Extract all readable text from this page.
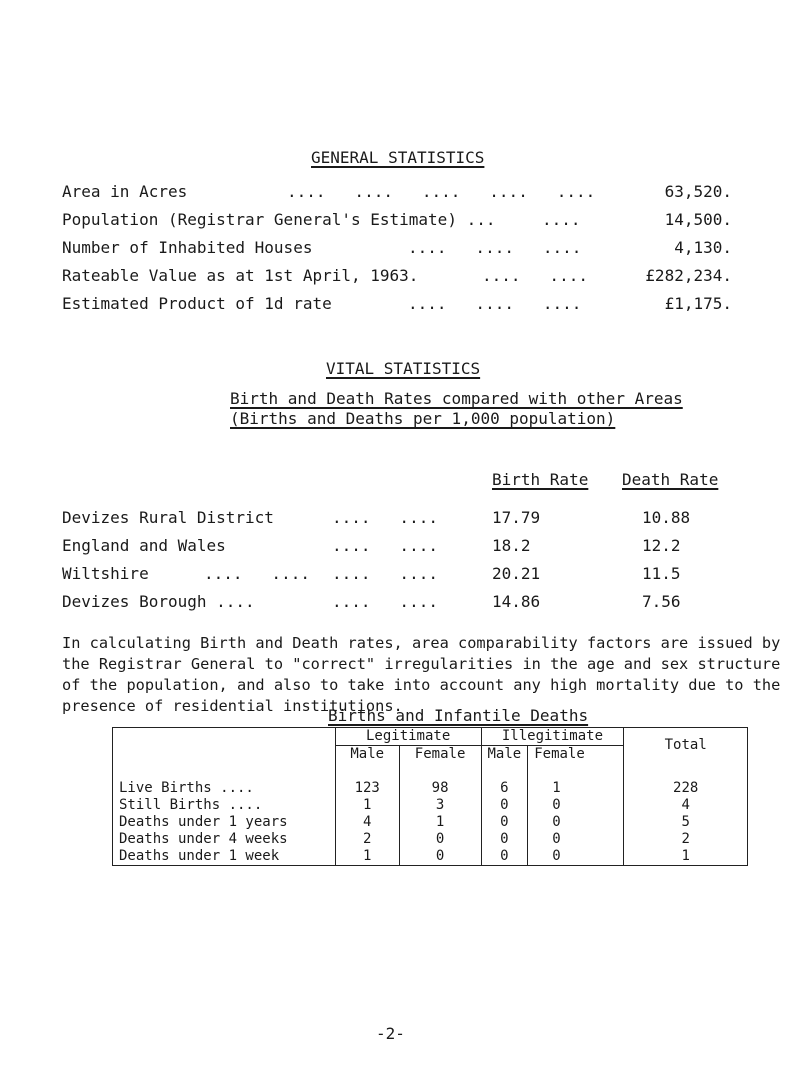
GENERAL STATISTICS
Area in Acres	....   ....   ....   ....   ....	63,520.
Population (Registrar General's Estimate) ...	....	14,500.
Number of Inhabited Houses	....   ....   ....	4,130.
Rateable Value as at 1st April, 1963.	....   ....	£282,234.
Estimated Product of 1d rate	....   ....   ....	£1,175.
VITAL STATISTICS
Birth and Death Rates compared with other Areas
(Births and Deaths per 1,000 population)
Birth Rate Death Rate
Devizes Rural District	....   ....	17.79	10.88
England and Wales	....   ....	18.2	12.2
Wiltshire	....   .... ....   ....	20.21	11.5
Devizes Borough ....	....   ....	14.86	7.56
In calculating Birth and Death rates, area comparability factors are issued by the Registrar General to "correct" irregularities in the age and sex structure of the population, and also to take into account any high mortality due to the presence of residential institutions.
Births and Infantile Deaths
	Legitimate		Illegitimate		Total
	Male	Female	Male	Female	

Live Births ....	123	98	6	1	228
Still Births ....	1	3	0	0	4
Deaths under 1 years	4	1	0	0	5
Deaths under 4 weeks	2	0	0	0	2
Deaths under 1 week	1	0	0	0	1
-2-
